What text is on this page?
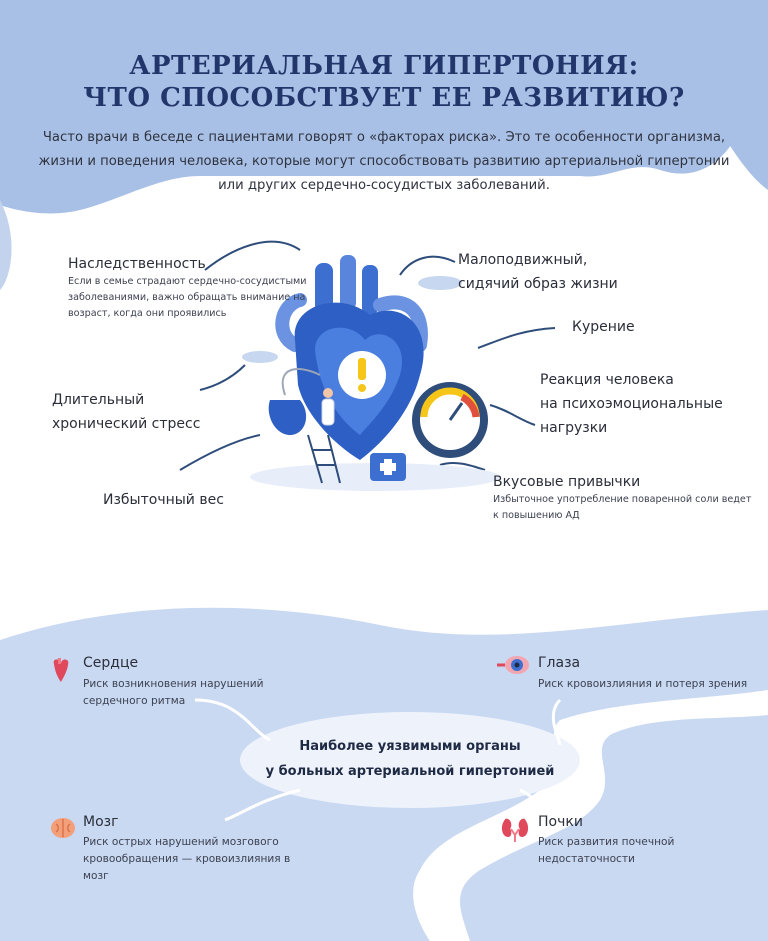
АРТЕРИАЛЬНАЯ ГИПЕРТОНИЯ:
ЧТО СПОСОБСТВУЕТ ЕЕ РАЗВИТИЮ?
Часто врачи в беседе с пациентами говорят о «факторах риска». Это те особенности организма,
жизни и поведения человека, которые могут способствовать развитию артериальной гипертонии
или других сердечно-сосудистых заболеваний.
Наследственность
Если в семье страдают сердечно-сосудистыми
заболеваниями, важно обращать внимание на
возраст, когда они проявились
Малоподвижный,
сидячий образ жизни
Курение
Реакция человека
на психоэмоциональные
нагрузки
Длительный
хронический стресс
Вкусовые привычки
Избыточное употребление поваренной соли ведет
к повышению АД
Избыточный вес
Наиболее уязвимыми органы
у больных артериальной гипертонией
Сердце
Риск возникновения нарушений
сердечного ритма
Глаза
Риск кровоизлияния и потеря зрения
Мозг
Риск острых нарушений мозгового
кровообращения — кровоизлияния в
мозг
Почки
Риск развития почечной
недостаточности
